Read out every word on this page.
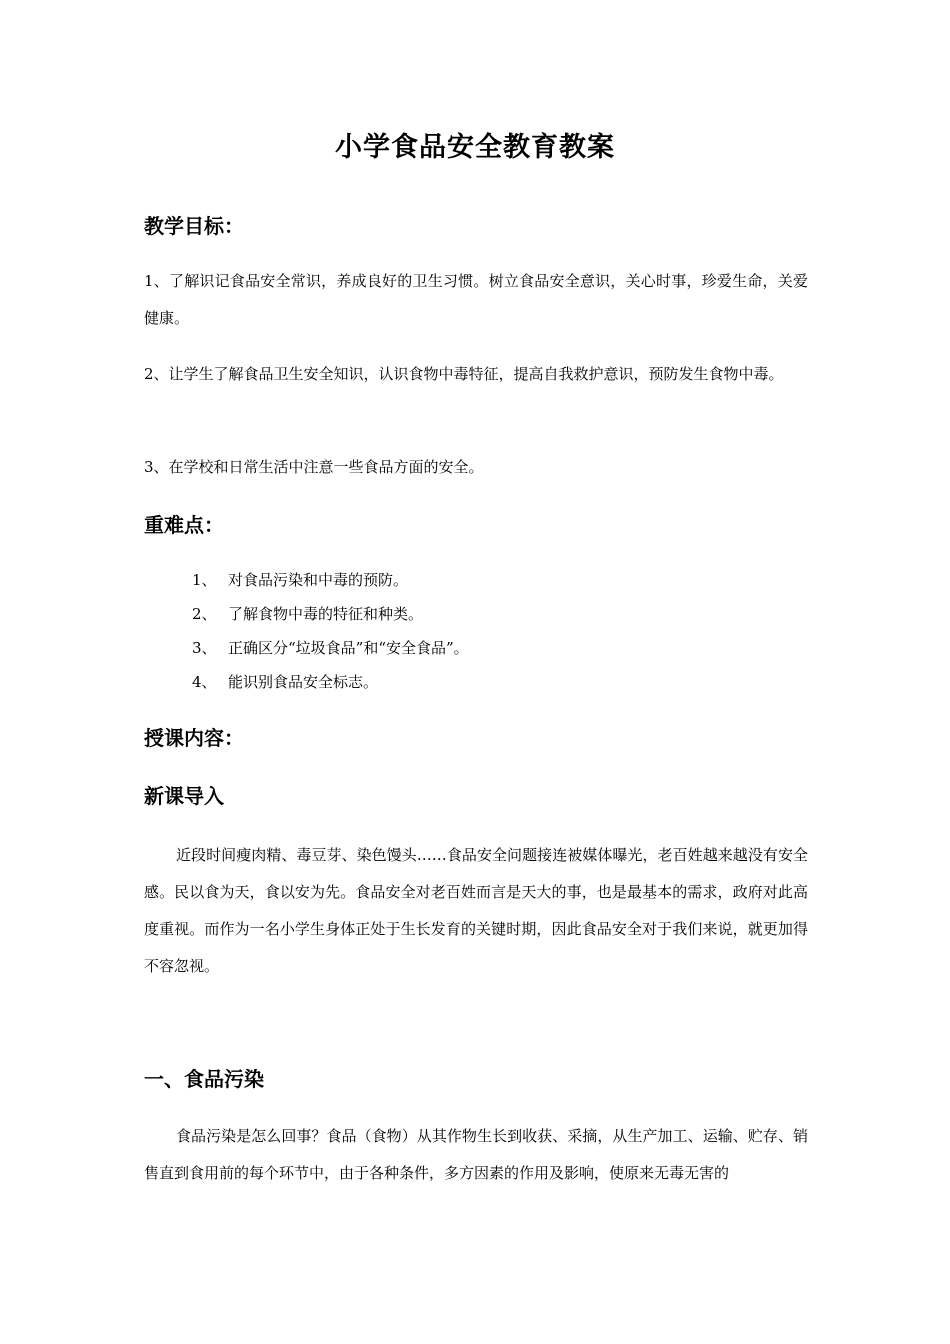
小学食品安全教育教案
教学目标：
1、了解识记食品安全常识，养成良好的卫生习惯。树立食品安全意识，关心时事，珍爱生命，关爱健康。
2、让学生了解食品卫生安全知识，认识食物中毒特征，提高自我救护意识，预防发生食物中毒。
3、在学校和日常生活中注意一些食品方面的安全。
重难点：
1、 对食品污染和中毒的预防。
2、 了解食物中毒的特征和种类。
3、 正确区分“垃圾食品”和“安全食品”。
4、 能识别食品安全标志。
授课内容：
新课导入
近段时间瘦肉精、毒豆芽、染色馒头……食品安全问题接连被媒体曝光，老百姓越来越没有安全感。民以食为天，食以安为先。食品安全对老百姓而言是天大的事，也是最基本的需求，政府对此高度重视。而作为一名小学生身体正处于生长发育的关键时期，因此食品安全对于我们来说，就更加得不容忽视。
一、食品污染
食品污染是怎么回事？食品（食物）从其作物生长到收获、采摘，从生产加工、运输、贮存、销售直到食用前的每个环节中，由于各种条件，多方因素的作用及影响，使原来无毒无害的
